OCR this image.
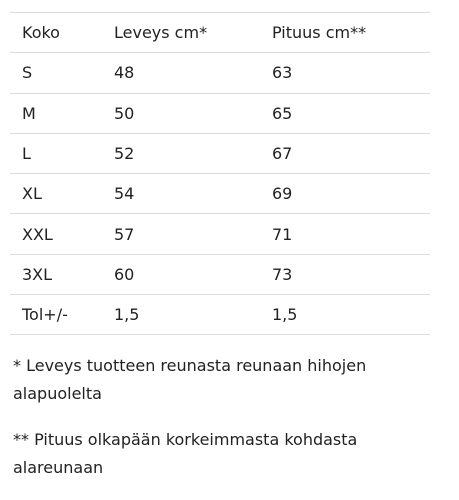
Koko	Leveys cm*	Pituus cm**
S	48	63
M	50	65
L	52	67
XL	54	69
XXL	57	71
3XL	60	73
Tol+/-	1,5	1,5

* Leveys tuotteen reunasta reunaan hihojen alapuolelta

** Pituus olkapään korkeimmasta kohdasta alareunaan
